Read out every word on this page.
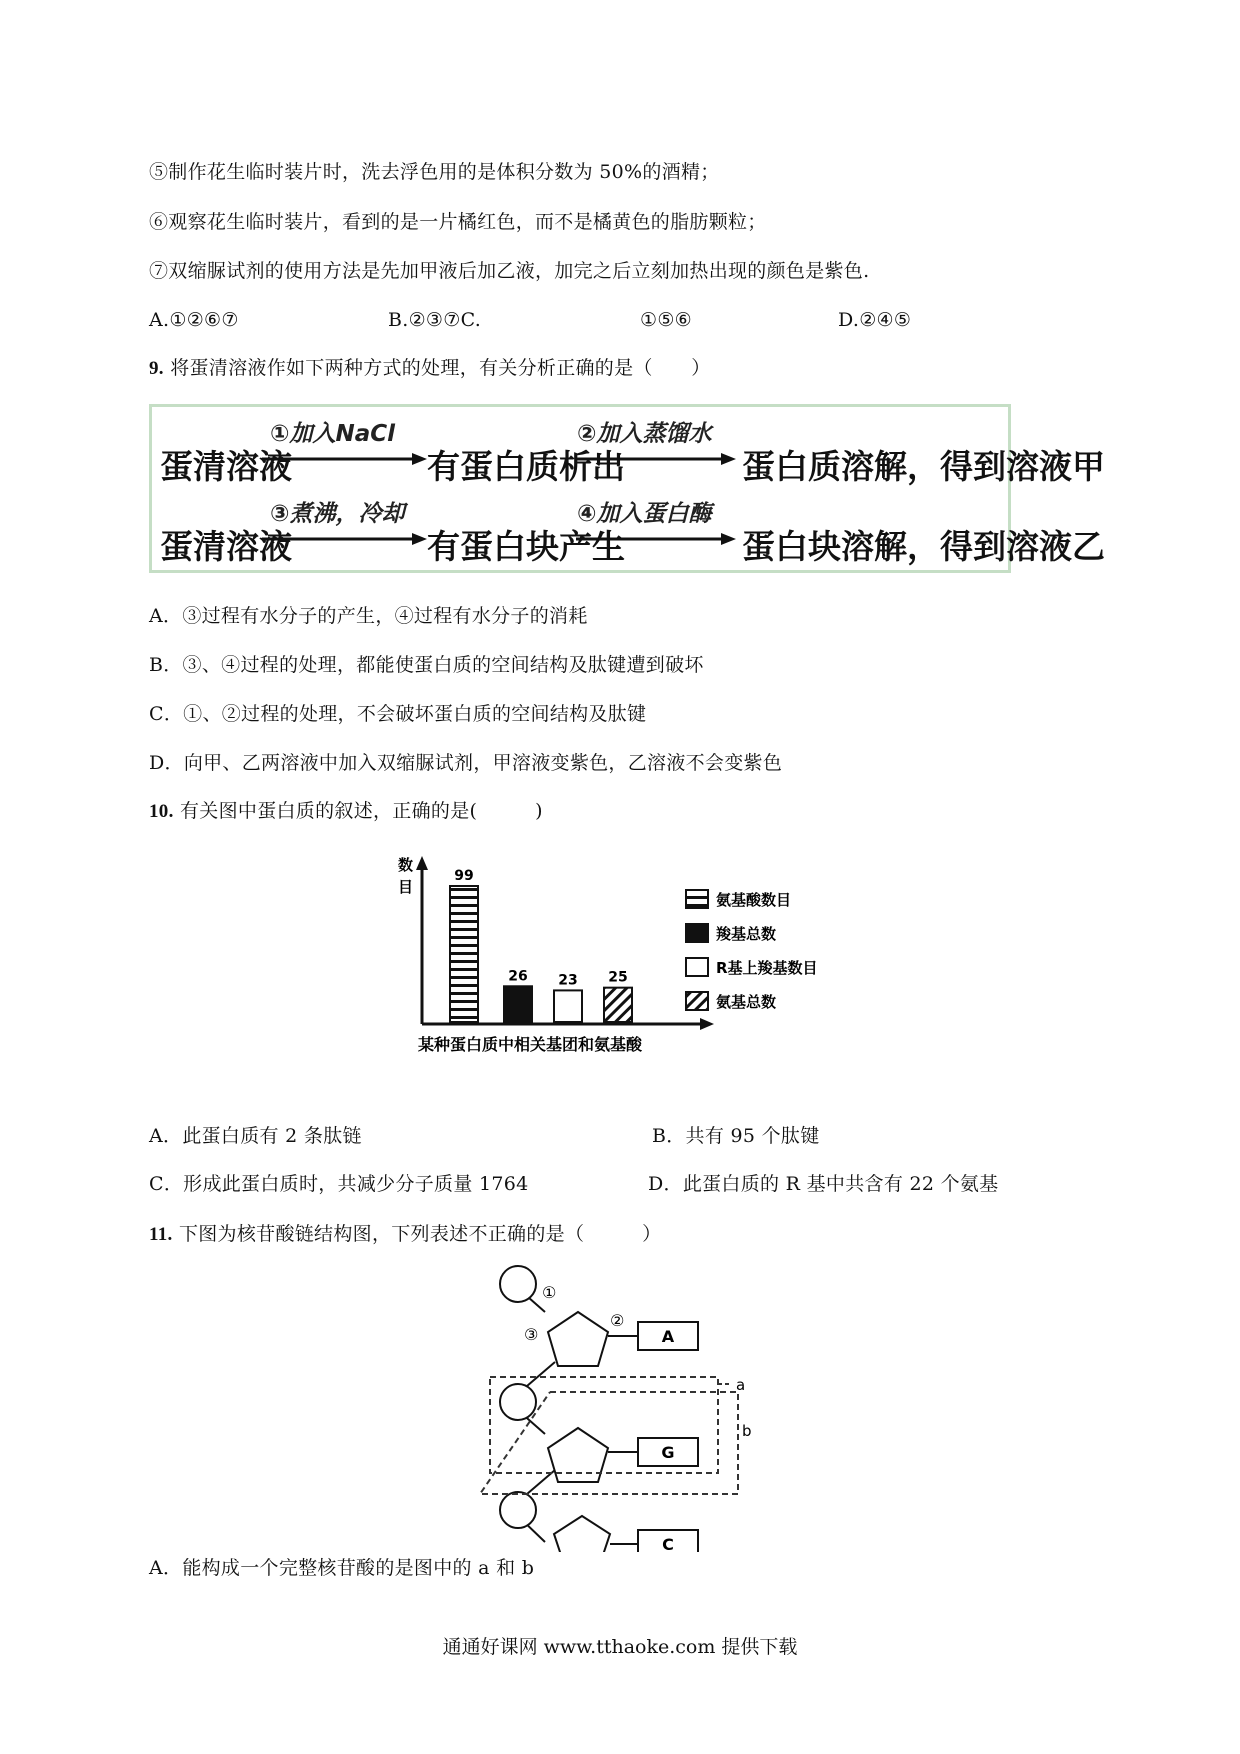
⑤制作花生临时装片时，洗去浮色用的是体积分数为 50%的酒精；
⑥观察花生临时装片，看到的是一片橘红色，而不是橘黄色的脂肪颗粒；
⑦双缩脲试剂的使用方法是先加甲液后加乙液，加完之后立刻加热出现的颜色是紫色.
A.①②⑥⑦	B.②③⑦C.	①⑤⑥	D.②④⑤
9. 将蛋清溶液作如下两种方式的处理，有关分析正确的是（　　）
蛋清溶液
①加入NaCl
有蛋白质析出
②加入蒸馏水
蛋白质溶解，得到溶液甲
蛋清溶液
③煮沸，冷却
有蛋白块产生
④加入蛋白酶
蛋白块溶解，得到溶液乙
A．③过程有水分子的产生，④过程有水分子的消耗
B．③、④过程的处理，都能使蛋白质的空间结构及肽键遭到破坏
C．①、②过程的处理，不会破坏蛋白质的空间结构及肽键
D．向甲、乙两溶液中加入双缩脲试剂，甲溶液变紫色，乙溶液不会变紫色
10. 有关图中蛋白质的叙述，正确的是(　　　)
数
目
99
26 23 25
氨基酸数目
羧基总数
R基上羧基数目
氨基总数
某种蛋白质中相关基团和氨基酸
A．此蛋白质有 2 条肽链	B．共有 95 个肽键
C．形成此蛋白质时，共减少分子质量 1764	D．此蛋白质的 R 基中共含有 22 个氨基
11. 下图为核苷酸链结构图，下列表述不正确的是（　　　）
A
G
C
①
②
③
a
b
A．能构成一个完整核苷酸的是图中的 a 和 b
通通好课网 www.tthaoke.com 提供下载
